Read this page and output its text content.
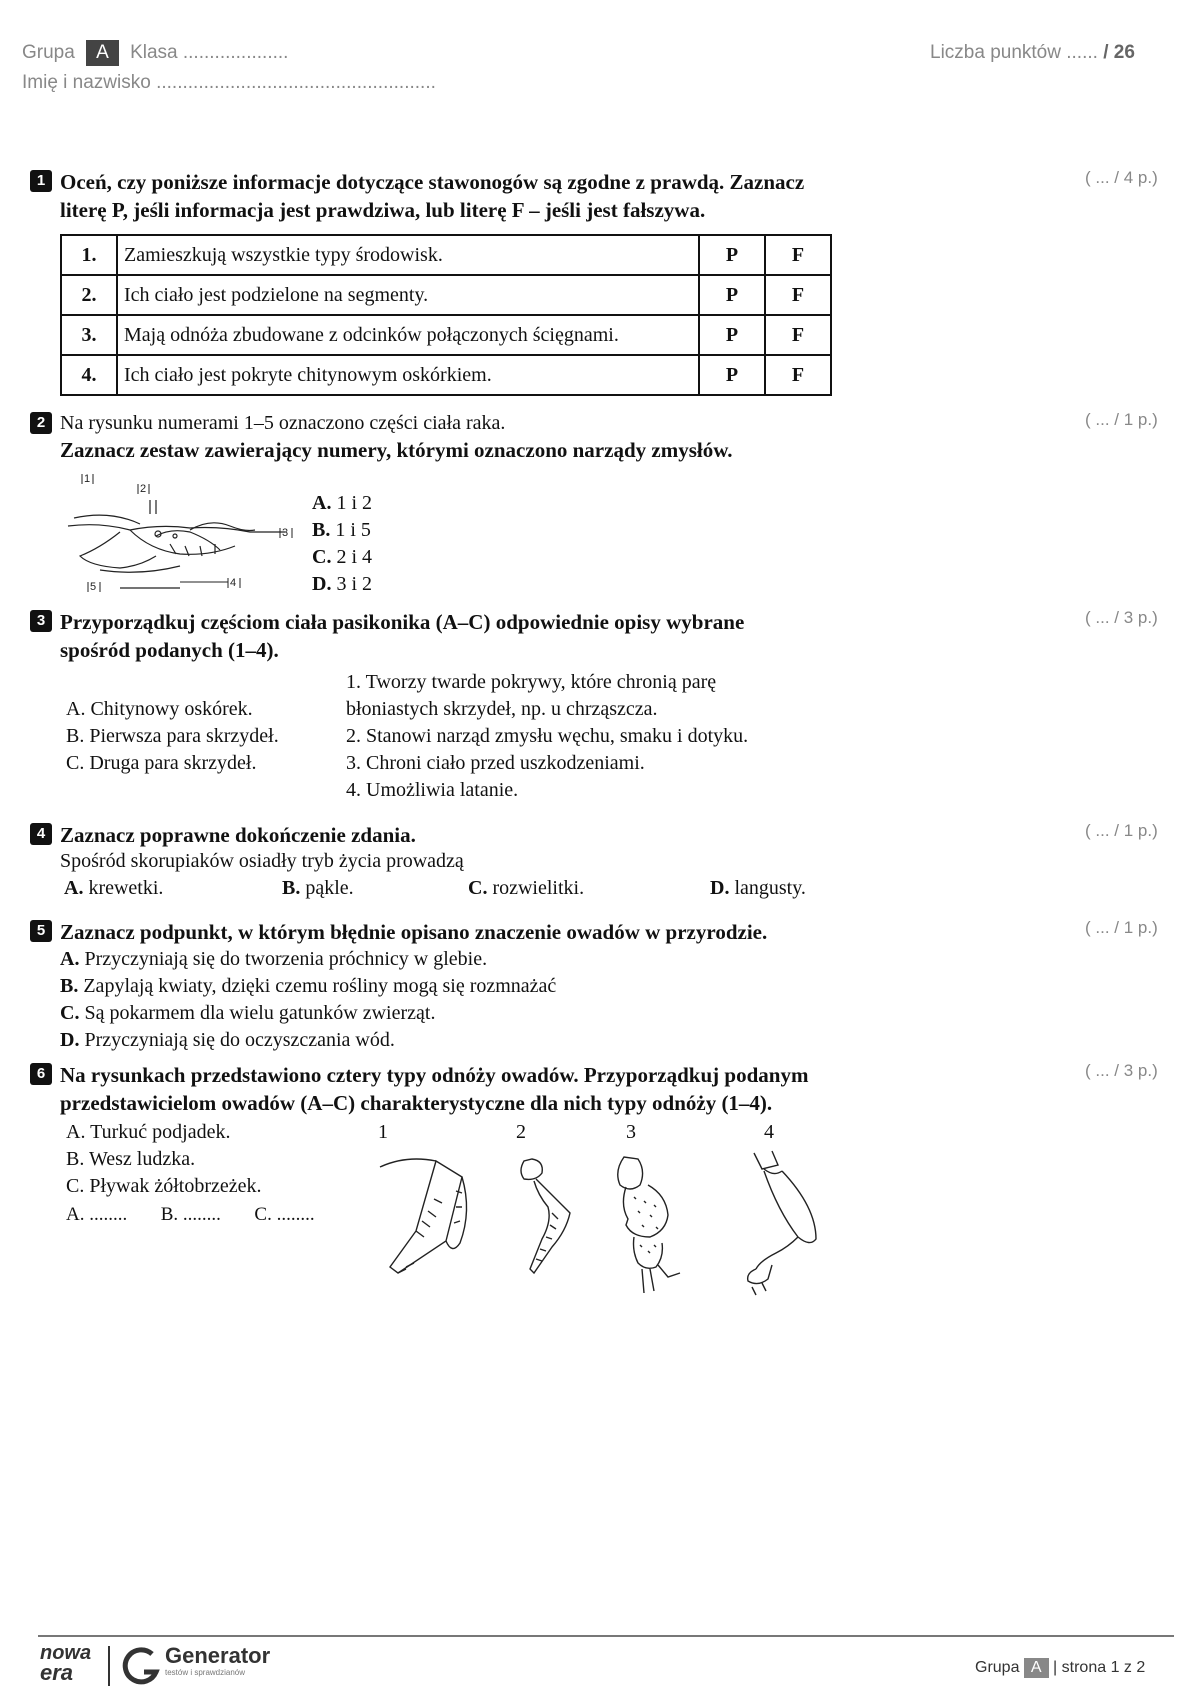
Grupa A Klasa ....................
Imię i nazwisko .....................................................
Liczba punktów ...... / 26
1 Oceń, czy poniższe informacje dotyczące stawonogów są zgodne z prawdą. Zaznacz
literę P, jeśli informacja jest prawdziwa, lub literę F – jeśli jest fałszywa.
( ... / 4 p.)
1.	Zamieszkują wszystkie typy środowisk.	P	F
2.	Ich ciało jest podzielone na segmenty.	P	F
3.	Mają odnóża zbudowane z odcinków połączonych ścięgnami.	P	F
4.	Ich ciało jest pokryte chitynowym oskórkiem.	P	F
2 Na rysunku numerami 1–5 oznaczono części ciała raka.
Zaznacz zestaw zawierający numery, którymi oznaczono narządy zmysłów.
( ... / 1 p.)
1
2
3
4
5
A. 1 i 2
B. 1 i 5
C. 2 i 4
D. 3 i 2
3 Przyporządkuj częściom ciała pasikonika (A–C) odpowiednie opisy wybrane
spośród podanych (1–4).
( ... / 3 p.)
A. Chitynowy oskórek.
B. Pierwsza para skrzydeł.
C. Druga para skrzydeł.
1. Tworzy twarde pokrywy, które chronią parę
błoniastych skrzydeł, np. u chrząszcza.
2. Stanowi narząd zmysłu węchu, smaku i dotyku.
3. Chroni ciało przed uszkodzeniami.
4. Umożliwia latanie.
4 Zaznacz poprawne dokończenie zdania.	( ... / 1 p.)
Spośród skorupiaków osiadły tryb życia prowadzą
A. krewetki.	B. pąkle.	C. rozwielitki.	D. langusty.
5 Zaznacz podpunkt, w którym błędnie opisano znaczenie owadów w przyrodzie.	( ... / 1 p.)
A. Przyczyniają się do tworzenia próchnicy w glebie.
B. Zapylają kwiaty, dzięki czemu rośliny mogą się rozmnażać
C. Są pokarmem dla wielu gatunków zwierząt.
D. Przyczyniają się do oczyszczania wód.
6 Na rysunkach przedstawiono cztery typy odnóży owadów. Przyporządkuj podanym
przedstawicielom owadów (A–C) charakterystyczne dla nich typy odnóży (1–4).
( ... / 3 p.)
A. Turkuć podjadek.
B. Wesz ludzka.
C. Pływak żółtobrzeżek.
A. ........ B. ........ C. ........
1	2	3	4
nowa
era
Generator
testów i sprawdzianów	Grupa A | strona 1 z 2
